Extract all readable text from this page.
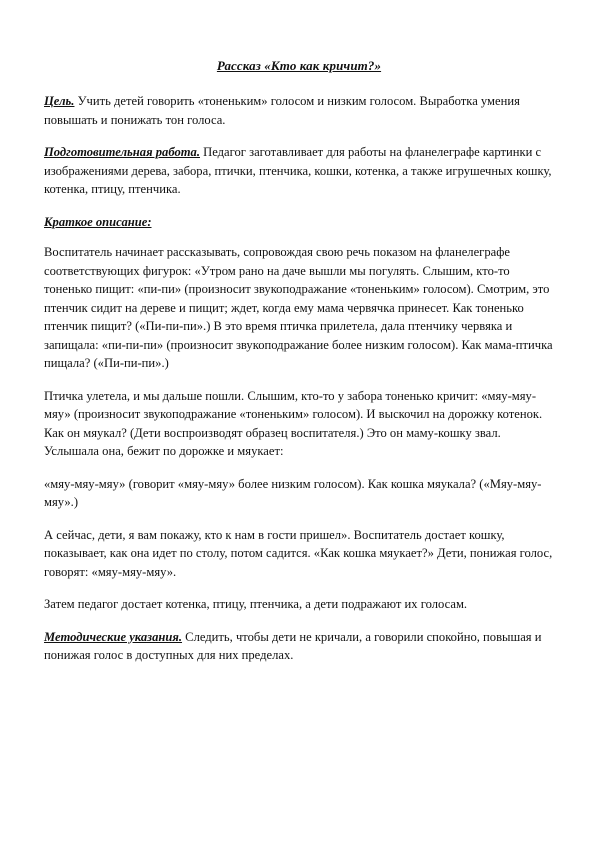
Рассказ «Кто как кричит?»

Цель. Учить детей говорить «тоненьким» голосом и низким голосом. Выработка умения повышать и понижать тон голоса.

Подготовительная работа. Педагог заготавливает для работы на фланелеграфе картинки с изображениями дерева, забора, птички, птенчика, кошки, котенка, а также игрушечных кошку, котенка, птицу, птенчика.

Краткое описание:

Воспитатель начинает рассказывать, сопровождая свою речь показом на фланелеграфе соответствующих фигурок: «Утром рано на даче вышли мы погулять. Слышим, кто-то тоненько пищит: «пи-пи» (произносит звукоподражание «тоненьким» голосом). Смотрим, это птенчик сидит на дереве и пищит; ждет, когда ему мама червячка принесет. Как тоненько птенчик пищит? («Пи-пи-пи».) В это время птичка прилетела, дала птенчику червяка и запищала: «пи-пи-пи» (произносит звукоподражание более низким голосом). Как мама-птичка пищала? («Пи-пи-пи».)

Птичка улетела, и мы дальше пошли. Слышим, кто-то у забора тоненько кричит: «мяу-мяу-мяу» (произносит звукоподражание «тоненьким» голосом). И выскочил на дорожку котенок. Как он мяукал? (Дети воспроизводят образец воспитателя.) Это он маму-кошку звал. Услышала она, бежит по дорожке и мяукает:

«мяу-мяу-мяу» (говорит «мяу-мяу» более низким голосом). Как кошка мяукала? («Мяу-мяу-мяу».)

А сейчас, дети, я вам покажу, кто к нам в гости пришел». Воспитатель достает кошку, показывает, как она идет по столу, потом садится. «Как кошка мяукает?» Дети, понижая голос, говорят: «мяу-мяу-мяу».

Затем педагог достает котенка, птицу, птенчика, а дети подражают их голосам.

Методические указания. Следить, чтобы дети не кричали, а говорили спокойно, повышая и понижая голос в доступных для них пределах.
